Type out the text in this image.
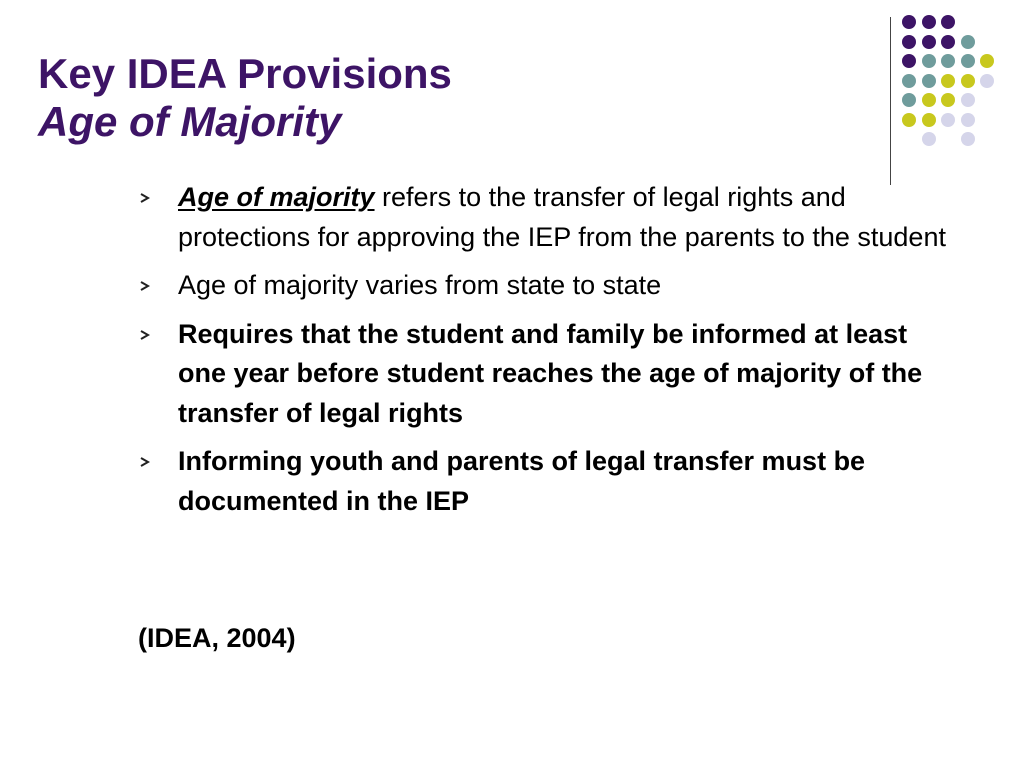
Key IDEA Provisions
Age of Majority
Age of majority refers to the transfer of legal rights and protections for approving the IEP from the parents to the student
Age of majority varies from state to state
Requires that the student and family be informed at least one year before student reaches the age of majority of the transfer of legal rights
Informing youth and parents of legal transfer must be documented in the IEP

(IDEA, 2004)
